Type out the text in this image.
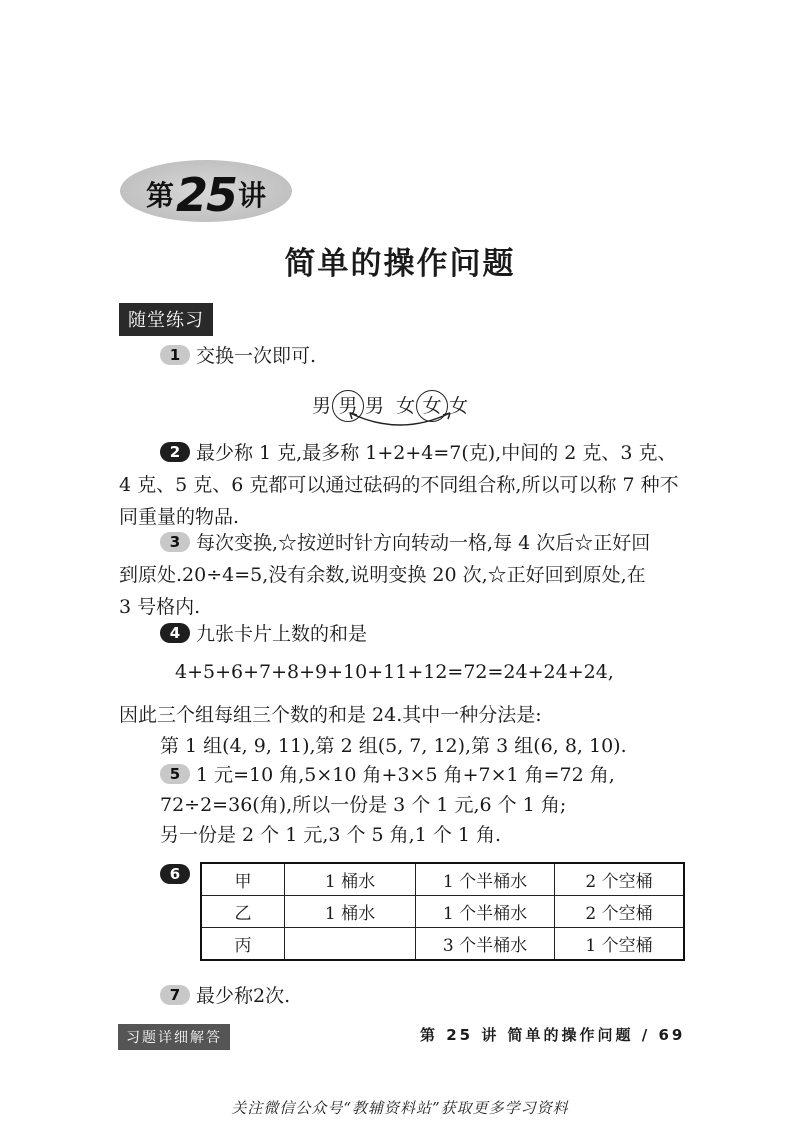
第25讲
简单的操作问题
随堂练习
1 交换一次即可.
男 男 男 女 女 女
2 最少称 1 克,最多称 1+2+4=7(克),中间的 2 克、3 克、
4 克、5 克、6 克都可以通过砝码的不同组合称,所以可以称 7 种不
同重量的物品.
3 每次变换,☆按逆时针方向转动一格,每 4 次后☆正好回
到原处.20÷4=5,没有余数,说明变换 20 次,☆正好回到原处,在
3 号格内.
4 九张卡片上数的和是
4+5+6+7+8+9+10+11+12=72=24+24+24,
因此三个组每组三个数的和是 24.其中一种分法是:
第 1 组(4, 9, 11),第 2 组(5, 7, 12),第 3 组(6, 8, 10).
5 1 元=10 角,5×10 角+3×5 角+7×1 角=72 角,
72÷2=36(角),所以一份是 3 个 1 元,6 个 1 角;
另一份是 2 个 1 元,3 个 5 角,1 个 1 角.
6	甲	1 桶水	1 个半桶水	2 个空桶
乙	1 桶水	1 个半桶水	2 个空桶
丙		3 个半桶水	1 个空桶
7 最少称2次.
习题详细解答	第 25 讲 简单的操作问题 / 69
关注微信公众号“教辅资料站”获取更多学习资料
